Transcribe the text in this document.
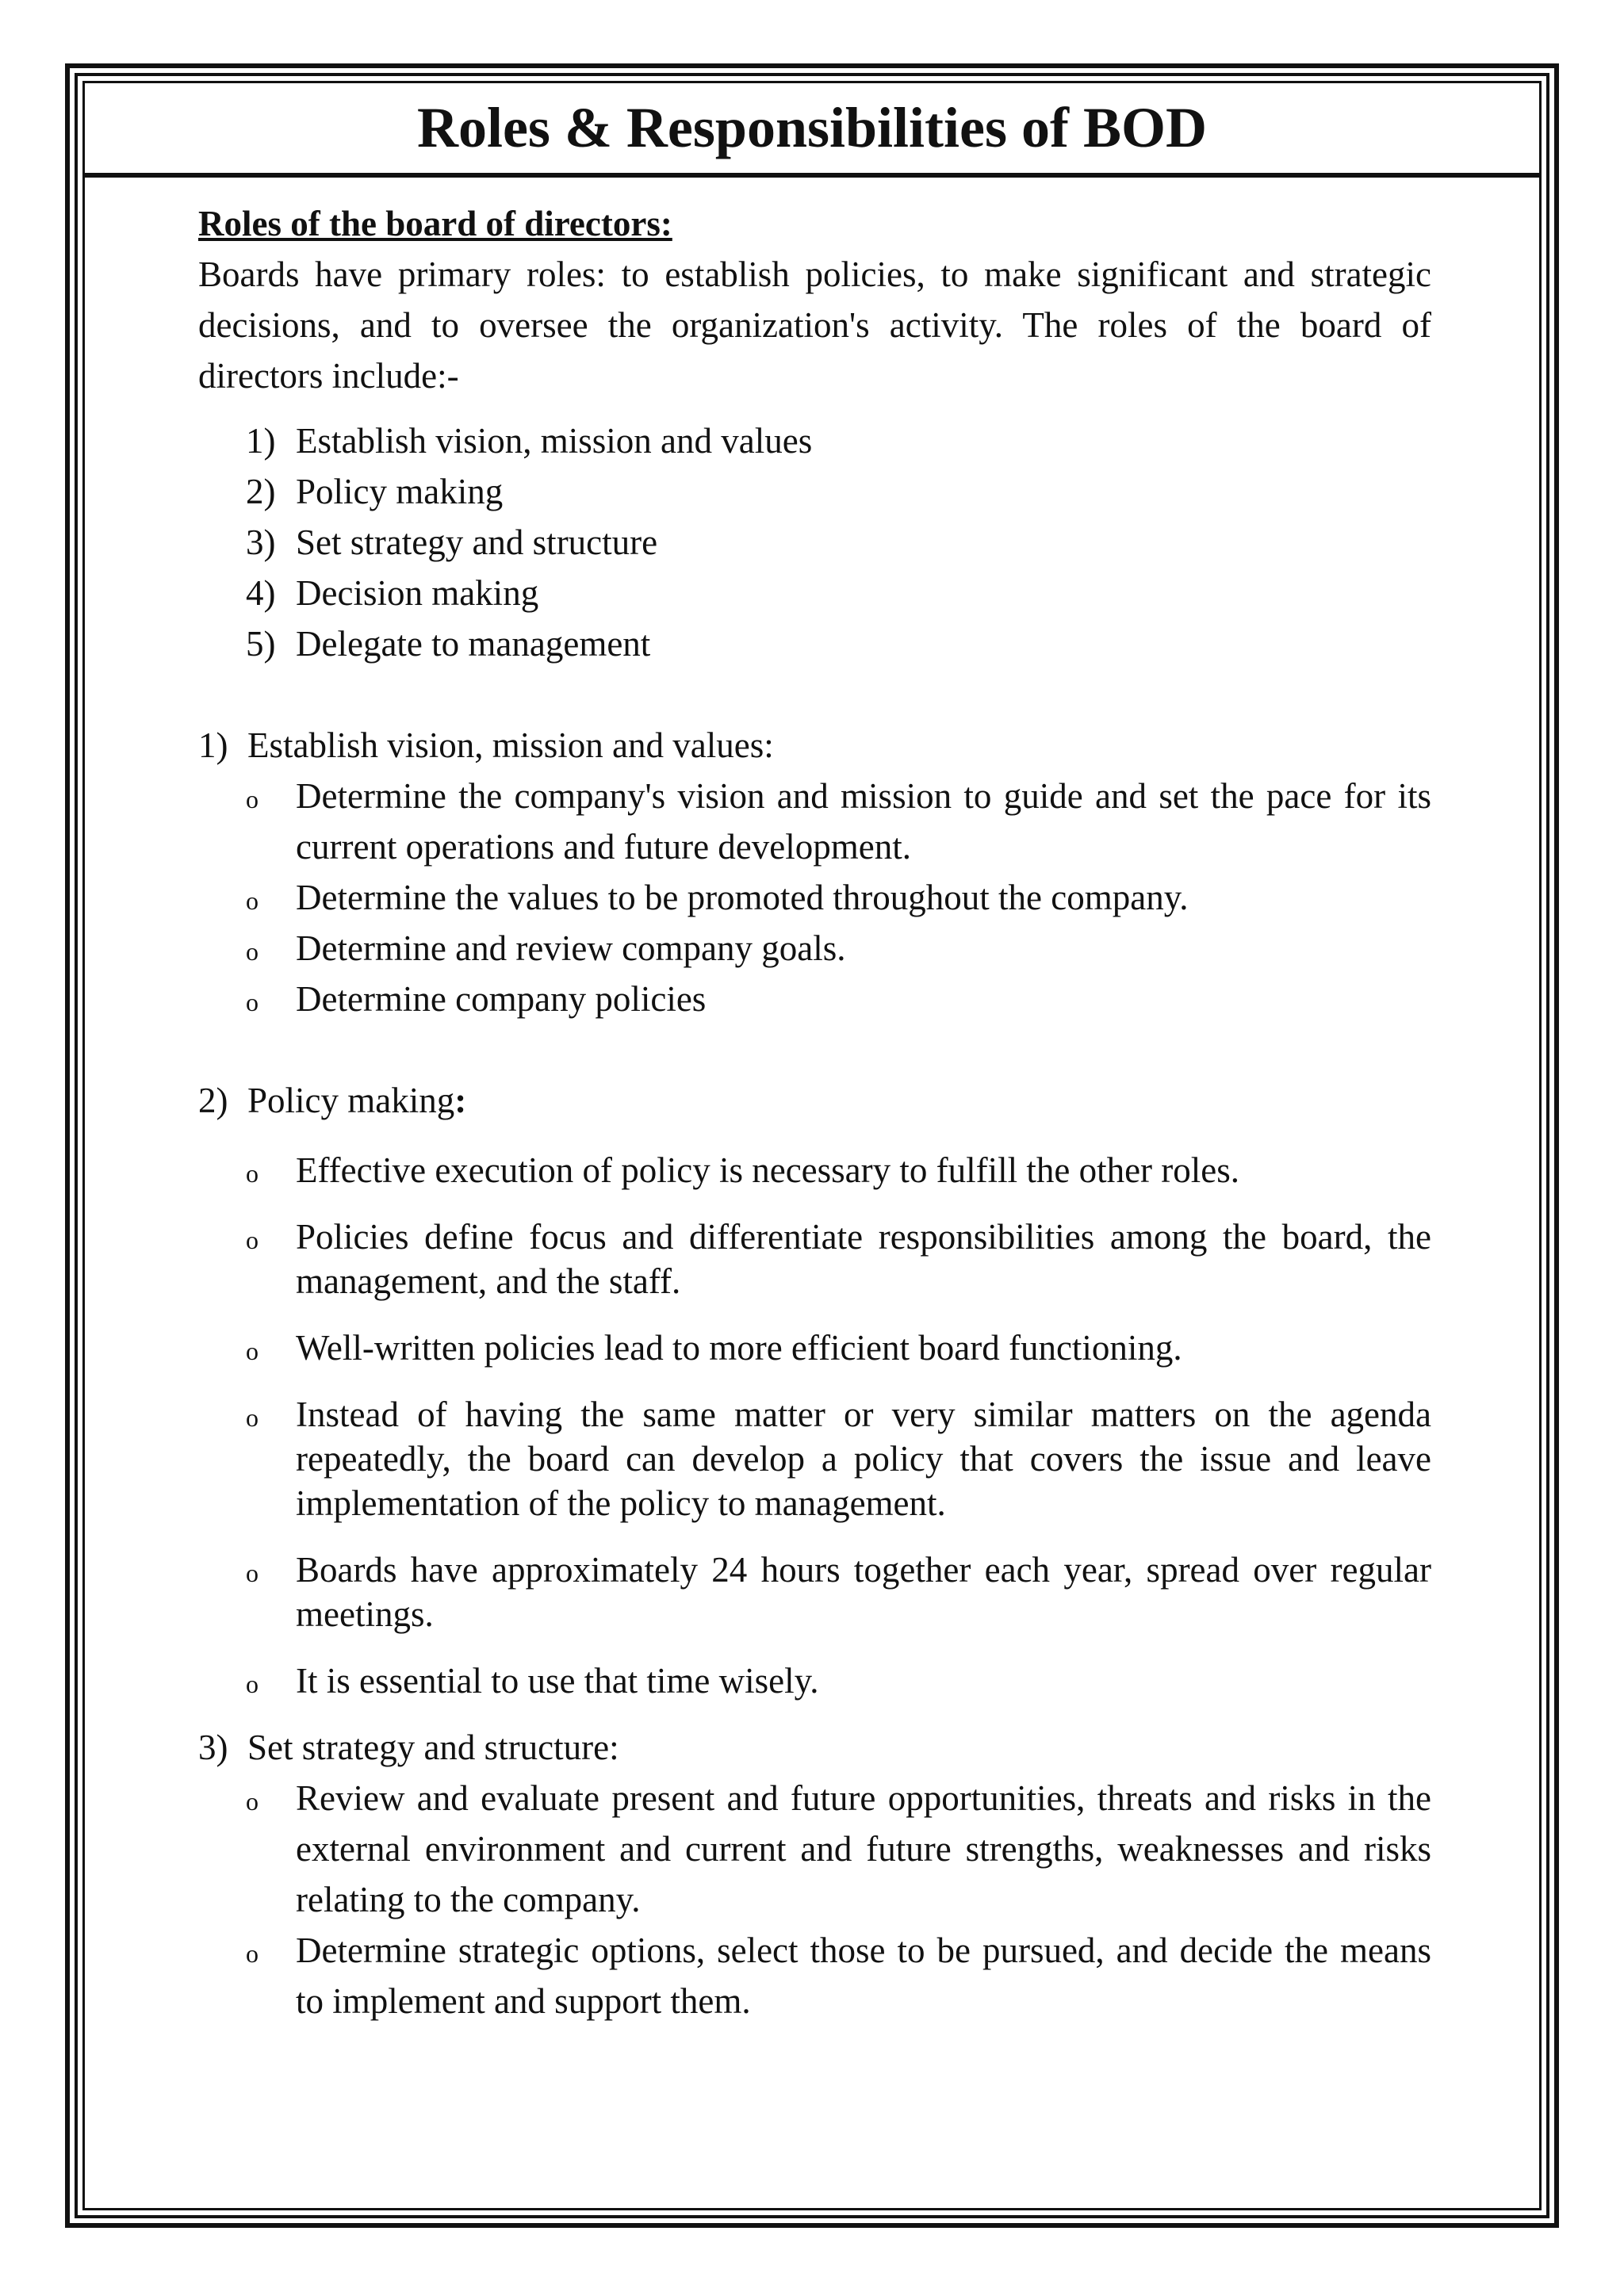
Roles & Responsibilities of BOD

Roles of the board of directors:

Boards have primary roles: to establish policies, to make significant and strategic decisions, and to oversee the organization's activity. The roles of the board of directors include:-

1) Establish vision, mission and values
2) Policy making
3) Set strategy and structure
4) Decision making
5) Delegate to management

1) Establish vision, mission and values:

o Determine the company's vision and mission to guide and set the pace for its current operations and future development.
o Determine the values to be promoted throughout the company.
o Determine and review company goals.
o Determine company policies

2) Policy making:

o Effective execution of policy is necessary to fulfill the other roles.
o Policies define focus and differentiate responsibilities among the board, the management, and the staff.
o Well-written policies lead to more efficient board functioning.
o Instead of having the same matter or very similar matters on the agenda repeatedly, the board can develop a policy that covers the issue and leave implementation of the policy to management.
o Boards have approximately 24 hours together each year, spread over regular meetings.
o It is essential to use that time wisely.

3) Set strategy and structure:

o Review and evaluate present and future opportunities, threats and risks in the external environment and current and future strengths, weaknesses and risks relating to the company.
o Determine strategic options, select those to be pursued, and decide the means to implement and support them.
